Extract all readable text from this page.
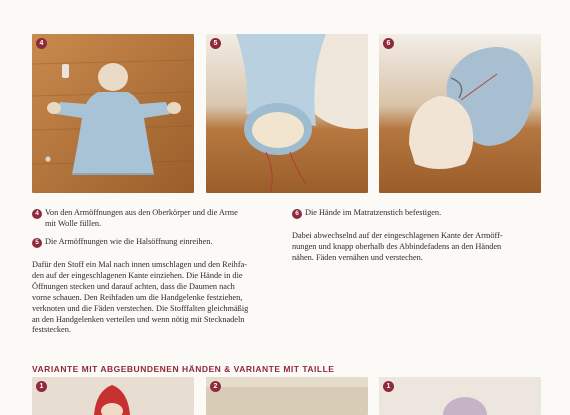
4	5	6
4 Von den Armöffnungen aus den Oberkörper und die Arme
mit Wolle füllen.
5 Die Armöffnungen wie die Halsöffnung einreihen.
Dafür den Stoff ein Mal nach innen umschlagen und den Reihfa-
den auf der eingeschlagenen Kante einziehen. Die Hände in die
Öffnungen stecken und darauf achten, dass die Daumen nach
vorne schauen. Den Reihfaden um die Handgelenke festziehen,
verknoten und die Fäden verstechen. Die Stofffalten gleichmäßig
an den Handgelenken verteilen und wenn nötig mit Stecknadeln
feststecken.
6 Die Hände im Matratzenstich befestigen.
Dabei abwechselnd auf der eingeschlagenen Kante der Armöff-
nungen und knapp oberhalb des Abbindefadens an den Händen
nähen. Fäden vernähen und verstechen.
VARIANTE MIT ABGEBUNDENEN HÄNDEN & VARIANTE MIT TAILLE
1	2	1
